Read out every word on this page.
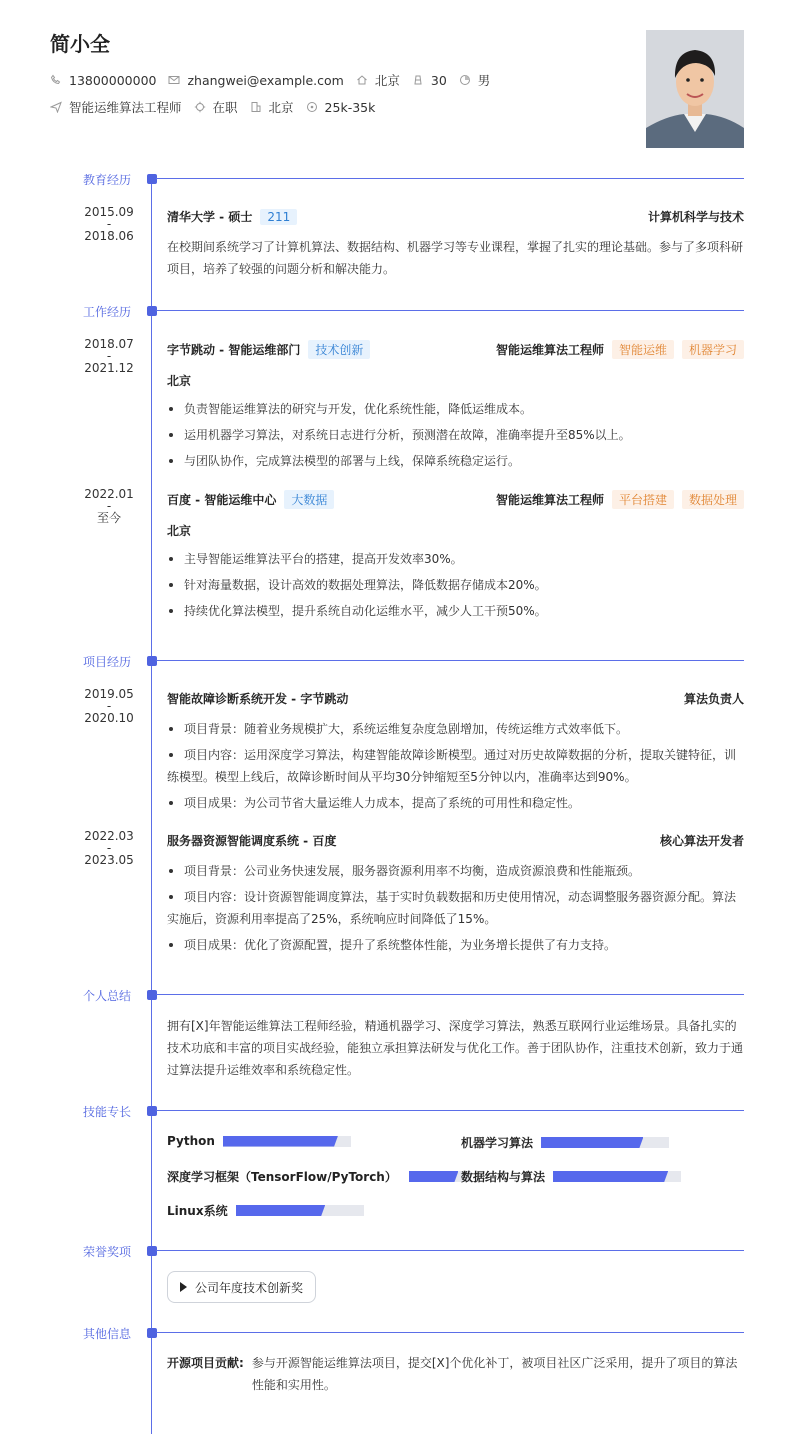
简小全
13800000000 zhangwei@example.com 北京 30 男
智能运维算法工程师 在职 北京 25k-35k
教育经历
2015.09
-
2018.06
清华大学 - 硕士	211	计算机科学与技术
在校期间系统学习了计算机算法、数据结构、机器学习等专业课程，掌握了扎实的理论基础。参与了多项科研项目，培养了较强的问题分析和解决能力。
工作经历
2018.07
-
2021.12
字节跳动 - 智能运维部门	技术创新	智能运维算法工程师	智能运维	机器学习
北京
负责智能运维算法的研究与开发，优化系统性能，降低运维成本。
运用机器学习算法，对系统日志进行分析，预测潜在故障，准确率提升至85%以上。
与团队协作，完成算法模型的部署与上线，保障系统稳定运行。
2022.01
-
至今
百度 - 智能运维中心	大数据	智能运维算法工程师	平台搭建	数据处理
北京
主导智能运维算法平台的搭建，提高开发效率30%。
针对海量数据，设计高效的数据处理算法，降低数据存储成本20%。
持续优化算法模型，提升系统自动化运维水平，减少人工干预50%。
项目经历
2019.05
-
2020.10
智能故障诊断系统开发 - 字节跳动	算法负责人
项目背景：随着业务规模扩大，系统运维复杂度急剧增加，传统运维方式效率低下。
项目内容：运用深度学习算法，构建智能故障诊断模型。通过对历史故障数据的分析，提取关键特征，训练模型。模型上线后，故障诊断时间从平均30分钟缩短至5分钟以内，准确率达到90%。
项目成果：为公司节省大量运维人力成本，提高了系统的可用性和稳定性。
2022.03
-
2023.05
服务器资源智能调度系统 - 百度	核心算法开发者
项目背景：公司业务快速发展，服务器资源利用率不均衡，造成资源浪费和性能瓶颈。
项目内容：设计资源智能调度算法，基于实时负载数据和历史使用情况，动态调整服务器资源分配。算法实施后，资源利用率提高了25%，系统响应时间降低了15%。
项目成果：优化了资源配置，提升了系统整体性能，为业务增长提供了有力支持。
个人总结
拥有[X]年智能运维算法工程师经验，精通机器学习、深度学习算法，熟悉互联网行业运维场景。具备扎实的技术功底和丰富的项目实战经验，能独立承担算法研发与优化工作。善于团队协作，注重技术创新，致力于通过算法提升运维效率和系统稳定性。
技能专长
Python	机器学习算法
深度学习框架（TensorFlow/PyTorch）	数据结构与算法
Linux系统
荣誉奖项
公司年度技术创新奖
其他信息
开源项目贡献: 参与开源智能运维算法项目，提交[X]个优化补丁，被项目社区广泛采用，提升了项目的算法性能和实用性。
